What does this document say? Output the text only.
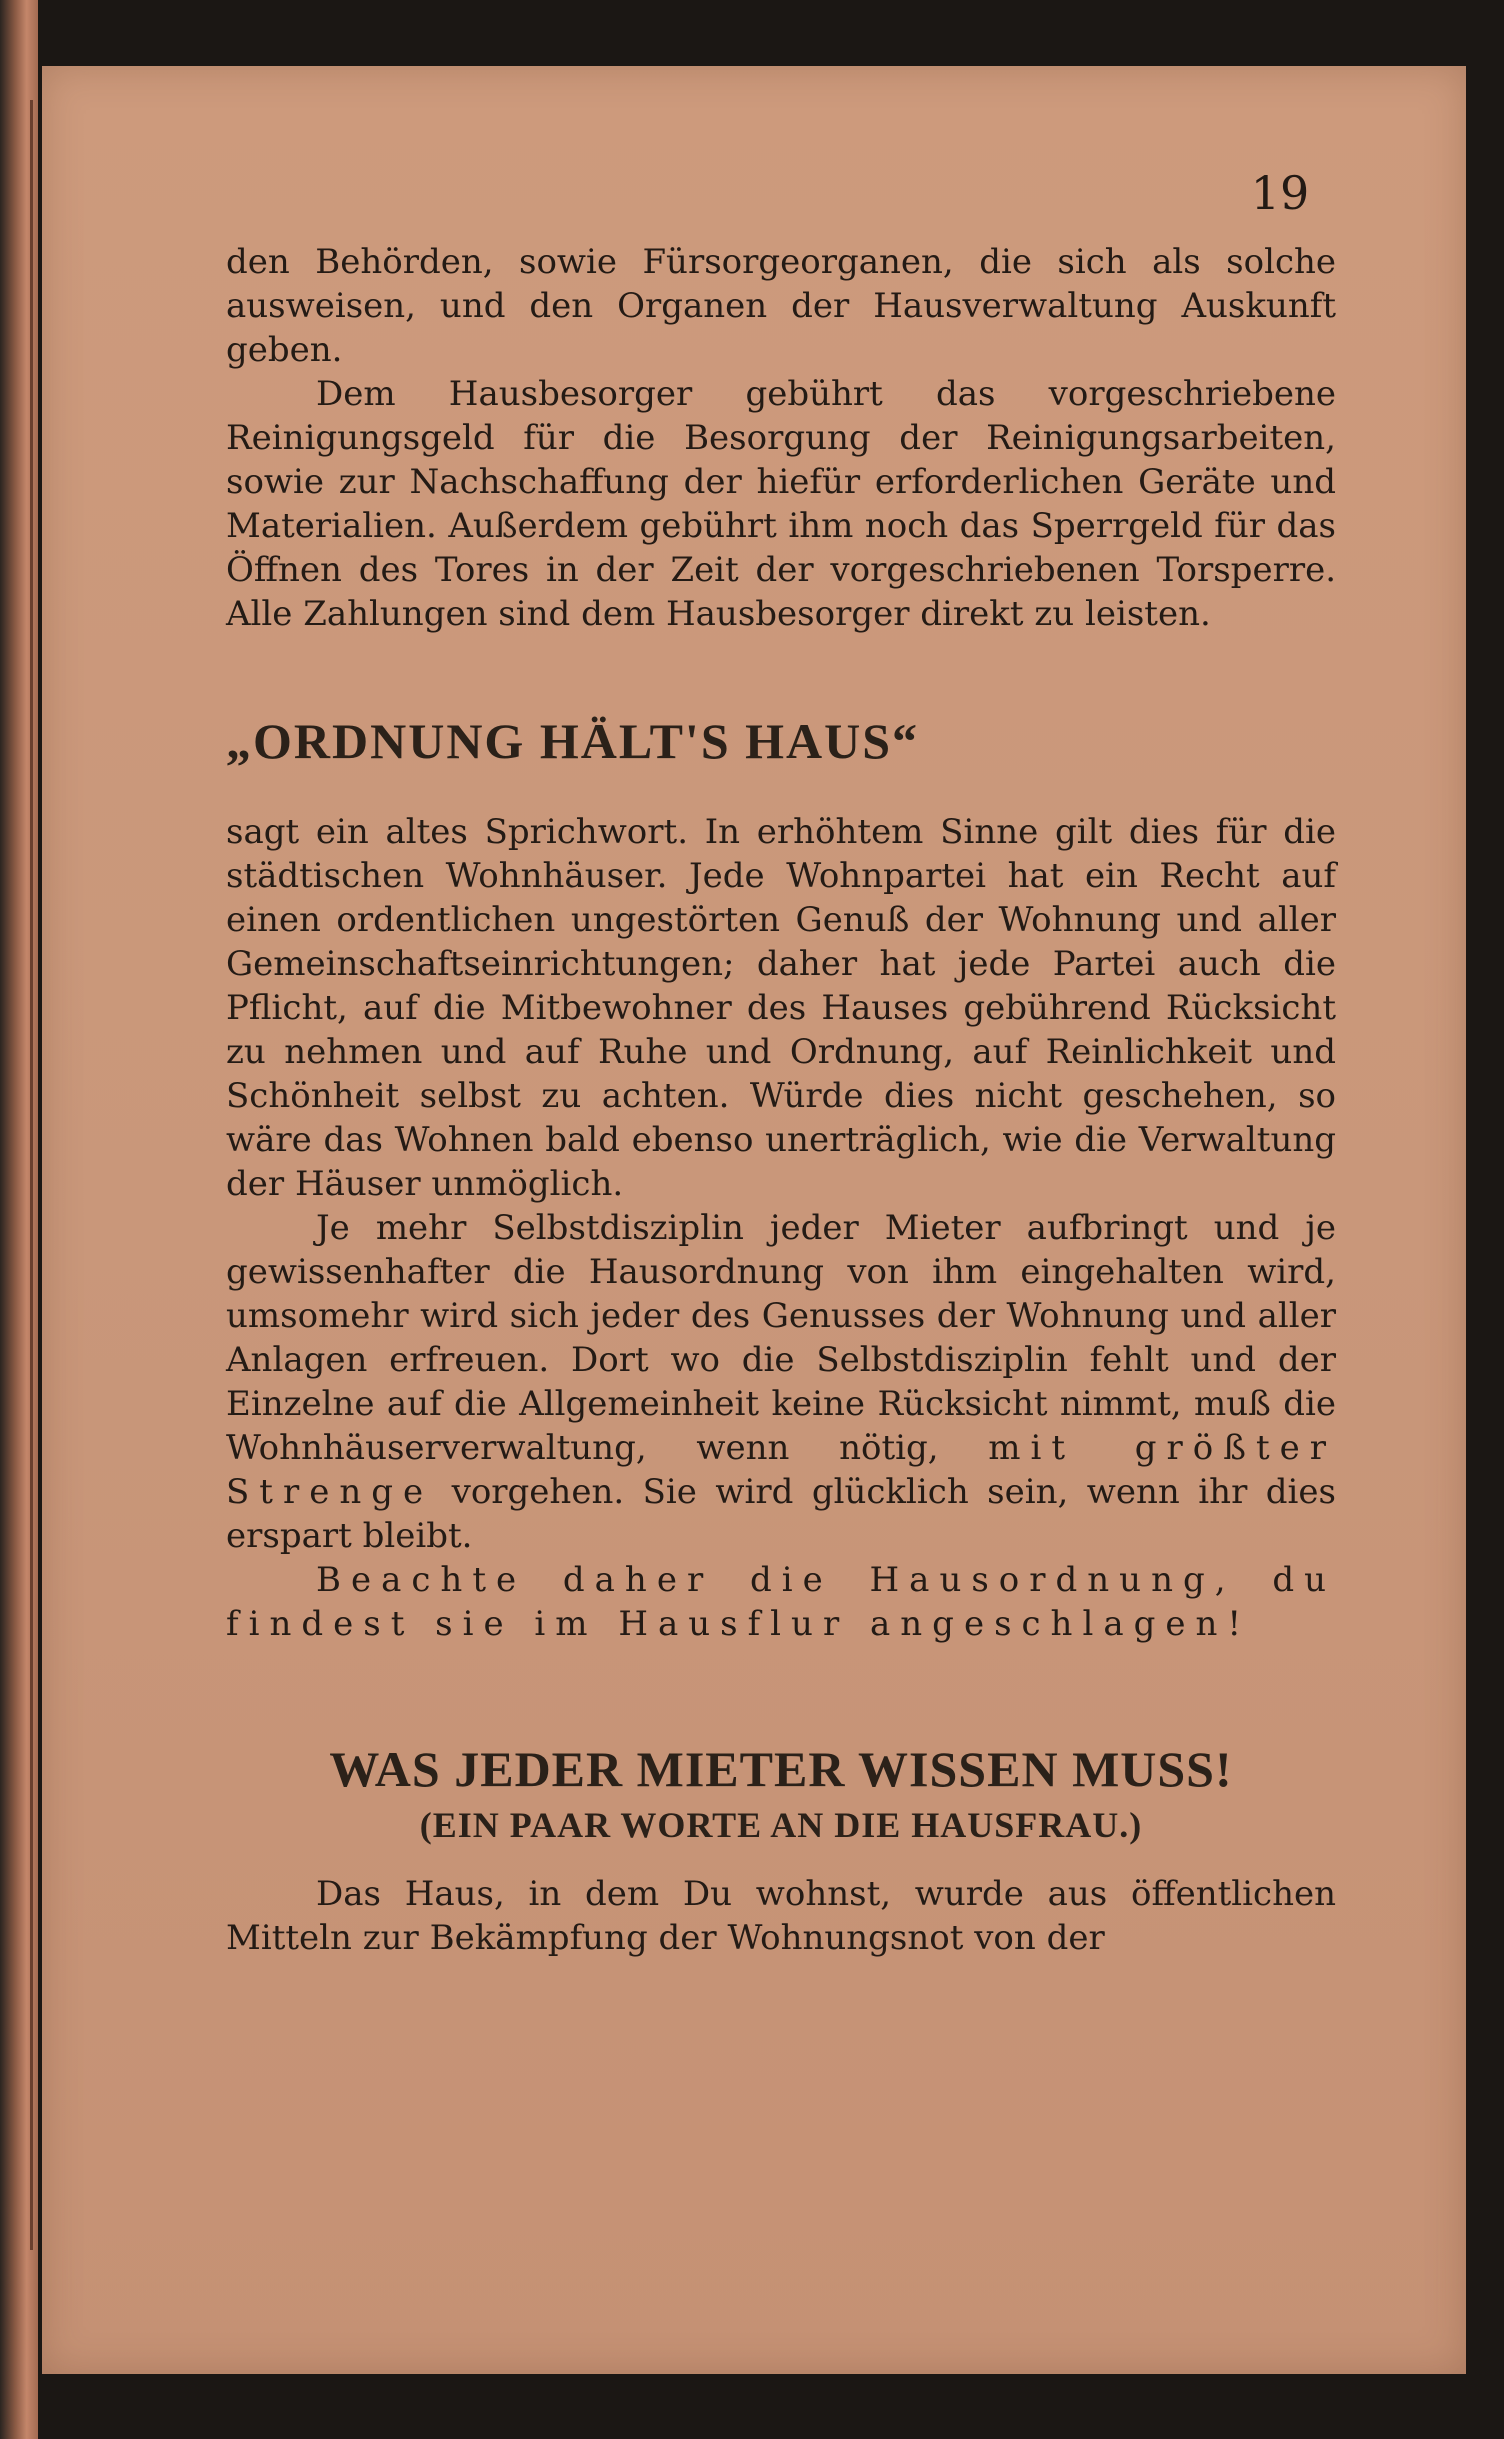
19

den Behörden, sowie Fürsorgeorganen, die sich als solche ausweisen, und den Organen der Hausverwaltung Auskunft geben.

Dem Hausbesorger gebührt das vorgeschriebene Reinigungsgeld für die Besorgung der Reinigungsarbeiten, sowie zur Nachschaffung der hiefür erforderlichen Geräte und Materialien. Außerdem gebührt ihm noch das Sperrgeld für das Öffnen des Tores in der Zeit der vorgeschriebenen Torsperre. Alle Zahlungen sind dem Hausbesorger direkt zu leisten.

„ORDNUNG HÄLT'S HAUS“

sagt ein altes Sprichwort. In erhöhtem Sinne gilt dies für die städtischen Wohnhäuser. Jede Wohnpartei hat ein Recht auf einen ordentlichen ungestörten Genuß der Wohnung und aller Gemeinschaftseinrichtungen; daher hat jede Partei auch die Pflicht, auf die Mitbewohner des Hauses gebührend Rücksicht zu nehmen und auf Ruhe und Ordnung, auf Reinlichkeit und Schönheit selbst zu achten. Würde dies nicht geschehen, so wäre das Wohnen bald ebenso unerträglich, wie die Verwaltung der Häuser unmöglich.

Je mehr Selbstdisziplin jeder Mieter aufbringt und je gewissenhafter die Hausordnung von ihm eingehalten wird, umsomehr wird sich jeder des Genusses der Wohnung und aller Anlagen erfreuen. Dort wo die Selbstdisziplin fehlt und der Einzelne auf die Allgemeinheit keine Rücksicht nimmt, muß die Wohnhäuserverwaltung, wenn nötig, mit größter Strenge vorgehen. Sie wird glücklich sein, wenn ihr dies erspart bleibt.

Beachte daher die Hausordnung, du findest sie im Hausflur angeschlagen!

WAS JEDER MIETER WISSEN MUSS!
(EIN PAAR WORTE AN DIE HAUSFRAU.)

Das Haus, in dem Du wohnst, wurde aus öffentlichen Mitteln zur Bekämpfung der Wohnungsnot von der
